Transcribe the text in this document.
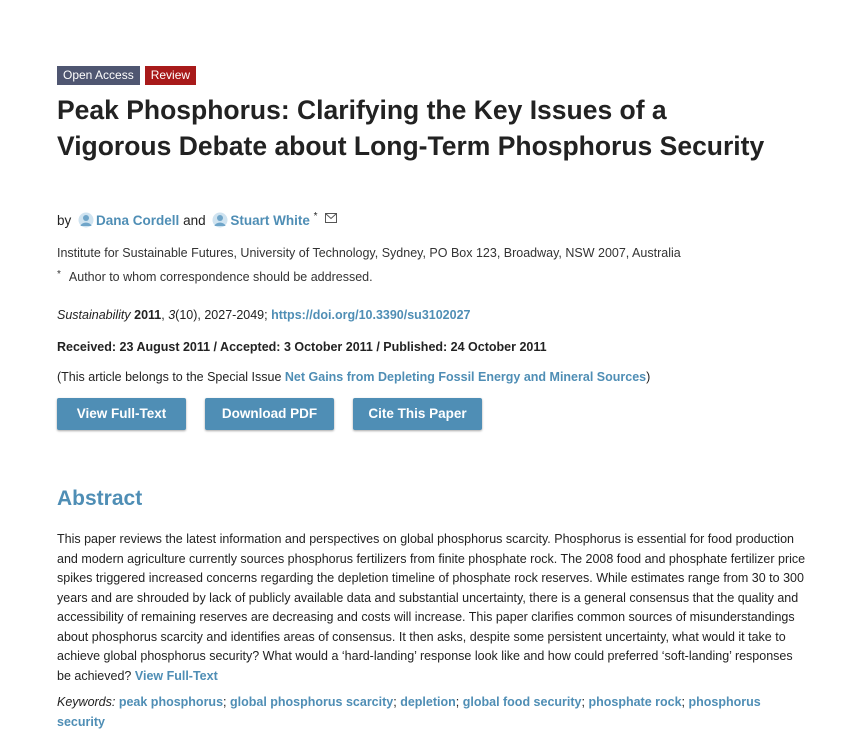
Open Access	Review
Peak Phosphorus: Clarifying the Key Issues of a Vigorous Debate about Long-Term Phosphorus Security
by Dana Cordell and Stuart White *
Institute for Sustainable Futures, University of Technology, Sydney, PO Box 123, Broadway, NSW 2007, Australia
* Author to whom correspondence should be addressed.
Sustainability 2011, 3(10), 2027-2049; https://doi.org/10.3390/su3102027
Received: 23 August 2011 / Accepted: 3 October 2011 / Published: 24 October 2011
(This article belongs to the Special Issue Net Gains from Depleting Fossil Energy and Mineral Sources)
View Full-Text	Download PDF	Cite This Paper
Abstract

This paper reviews the latest information and perspectives on global phosphorus scarcity. Phosphorus is essential for food production and modern agriculture currently sources phosphorus fertilizers from finite phosphate rock. The 2008 food and phosphate fertilizer price spikes triggered increased concerns regarding the depletion timeline of phosphate rock reserves. While estimates range from 30 to 300 years and are shrouded by lack of publicly available data and substantial uncertainty, there is a general consensus that the quality and accessibility of remaining reserves are decreasing and costs will increase. This paper clarifies common sources of misunderstandings about phosphorus scarcity and identifies areas of consensus. It then asks, despite some persistent uncertainty, what would it take to achieve global phosphorus security? What would a ‘hard-landing’ response look like and how could preferred ‘soft-landing’ responses be achieved? View Full-Text

Keywords: peak phosphorus; global phosphorus scarcity; depletion; global food security; phosphate rock; phosphorus security
